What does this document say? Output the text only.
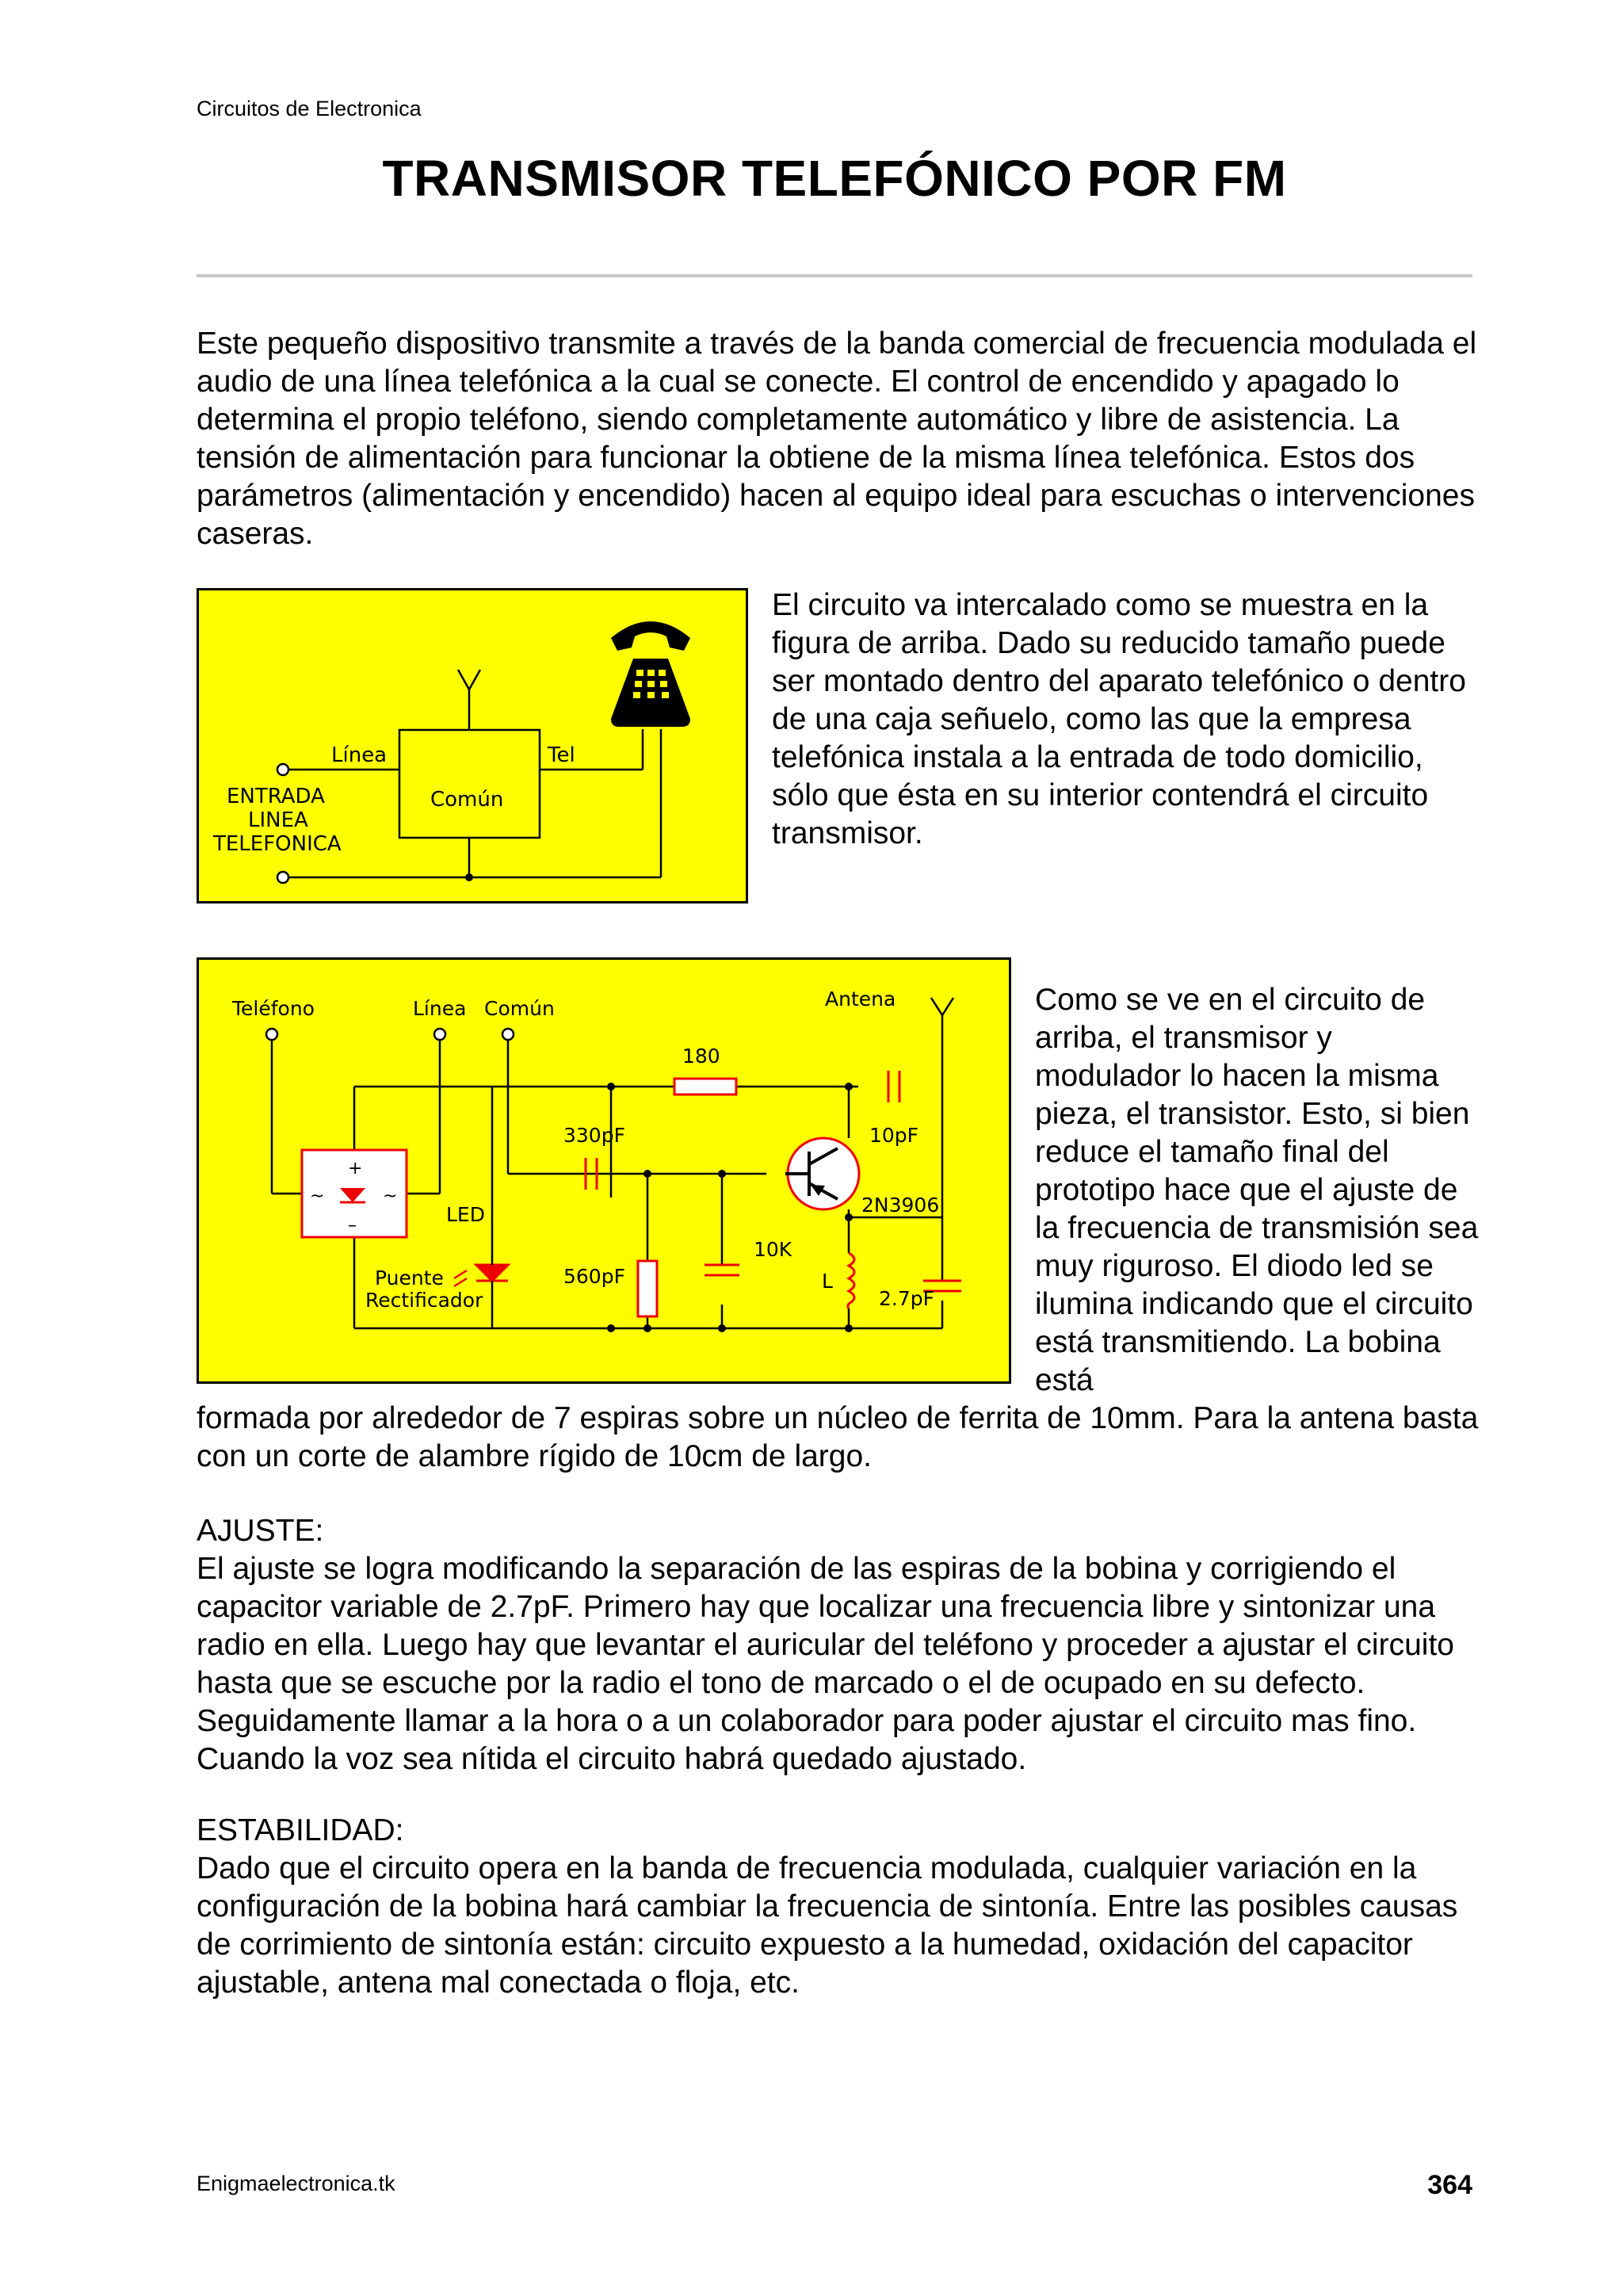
Circuitos de Electronica
TRANSMISOR TELEFÓNICO POR FM

Este pequeño dispositivo transmite a través de la banda comercial de frecuencia modulada el audio de una línea telefónica a la cual se conecte. El control de encendido y apagado lo determina el propio teléfono, siendo completamente automático y libre de asistencia. La tensión de alimentación para funcionar la obtiene de la misma línea telefónica. Estos dos parámetros (alimentación y encendido) hacen al equipo ideal para escuchas o intervenciones caseras.

Línea	Tel
Común
ENTRADA
LINEA
TELEFONICA

El circuito va intercalado como se muestra en la figura de arriba. Dado su reducido tamaño puede ser montado dentro del aparato telefónico o dentro de una caja señuelo, como las que la empresa telefónica instala a la entrada de todo domicilio, sólo que ésta en su interior contendrá el circuito transmisor.

Teléfono	Línea Común	Antena
180
330pF	10pF
2N3906
LED
560pF
10K
L
2.7pF
Puente
Rectificador
+
–
~	~

Como se ve en el circuito de arriba, el transmisor y modulador lo hacen la misma pieza, el transistor. Esto, si bien reduce el tamaño final del prototipo hace que el ajuste de la frecuencia de transmisión sea muy riguroso. El diodo led se ilumina indicando que el circuito está transmitiendo. La bobina está

formada por alrededor de 7 espiras sobre un núcleo de ferrita de 10mm. Para la antena basta con un corte de alambre rígido de 10cm de largo.

AJUSTE:

El ajuste se logra modificando la separación de las espiras de la bobina y corrigiendo el capacitor variable de 2.7pF. Primero hay que localizar una frecuencia libre y sintonizar una radio en ella. Luego hay que levantar el auricular del teléfono y proceder a ajustar el circuito hasta que se escuche por la radio el tono de marcado o el de ocupado en su defecto. Seguidamente llamar a la hora o a un colaborador para poder ajustar el circuito mas fino. Cuando la voz sea nítida el circuito habrá quedado ajustado.

ESTABILIDAD:

Dado que el circuito opera en la banda de frecuencia modulada, cualquier variación en la configuración de la bobina hará cambiar la frecuencia de sintonía. Entre las posibles causas de corrimiento de sintonía están: circuito expuesto a la humedad, oxidación del capacitor ajustable, antena mal conectada o floja, etc.

Enigmaelectronica.tk	364
